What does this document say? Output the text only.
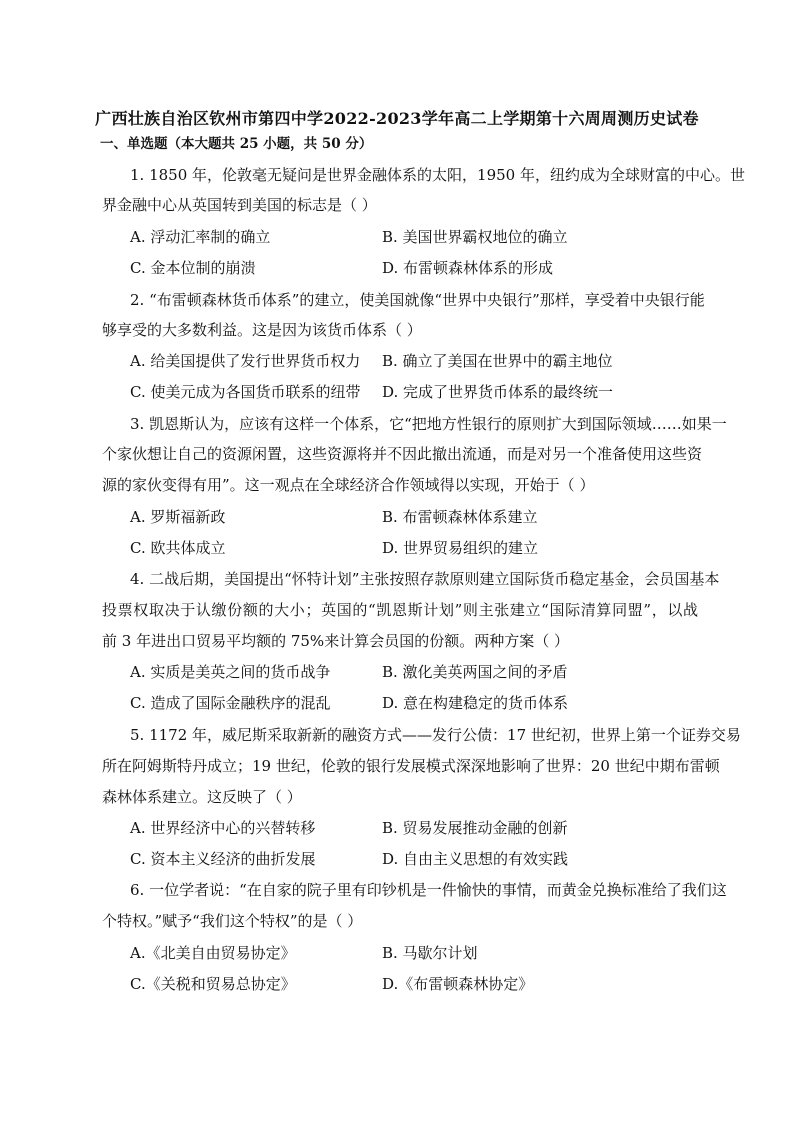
广西壮族自治区钦州市第四中学2022-2023学年高二上学期第十六周周测历史试卷
一、单选题（本大题共 25 小题，共 50 分）
1. 1850 年，伦敦毫无疑问是世界金融体系的太阳，1950 年，纽约成为全球财富的中心。世
界金融中心从英国转到美国的标志是（ ）
A. 浮动汇率制的确立	B. 美国世界霸权地位的确立
C. 金本位制的崩溃	D. 布雷顿森林体系的形成
2. “布雷顿森林货币体系”的建立，使美国就像“世界中央银行”那样，享受着中央银行能
够享受的大多数利益。这是因为该货币体系（ ）
A. 给美国提供了发行世界货币权力 B. 确立了美国在世界中的霸主地位
C. 使美元成为各国货币联系的纽带 D. 完成了世界货币体系的最终统一
3. 凯恩斯认为，应该有这样一个体系，它“把地方性银行的原则扩大到国际领域……如果一
个家伙想让自己的资源闲置，这些资源将并不因此撤出流通，而是对另一个准备使用这些资
源的家伙变得有用”。这一观点在全球经济合作领域得以实现，开始于（ ）
A. 罗斯福新政	B. 布雷顿森林体系建立
C. 欧共体成立	D. 世界贸易组织的建立
4. 二战后期，美国提出“怀特计划”主张按照存款原则建立国际货币稳定基金，会员国基本
投票权取决于认缴份额的大小；英国的“凯恩斯计划”则主张建立“国际清算同盟”，以战
前 3 年进出口贸易平均额的 75%来计算会员国的份额。两种方案（ ）
A. 实质是美英之间的货币战争	B. 激化美英两国之间的矛盾
C. 造成了国际金融秩序的混乱	D. 意在构建稳定的货币体系
5. 1172 年，威尼斯采取新新的融资方式——发行公债：17 世纪初，世界上第一个证券交易
所在阿姆斯特丹成立；19 世纪，伦敦的银行发展模式深深地影响了世界：20 世纪中期布雷顿
森林体系建立。这反映了（ ）
A. 世界经济中心的兴替转移	B. 贸易发展推动金融的创新
C. 资本主义经济的曲折发展	D. 自由主义思想的有效实践
6. 一位学者说：“在自家的院子里有印钞机是一件愉快的事情，而黄金兑换标准给了我们这
个特权。”赋予“我们这个特权”的是（ ）
A.《北美自由贸易协定》	B. 马歇尔计划
C.《关税和贸易总协定》	D.《布雷顿森林协定》
